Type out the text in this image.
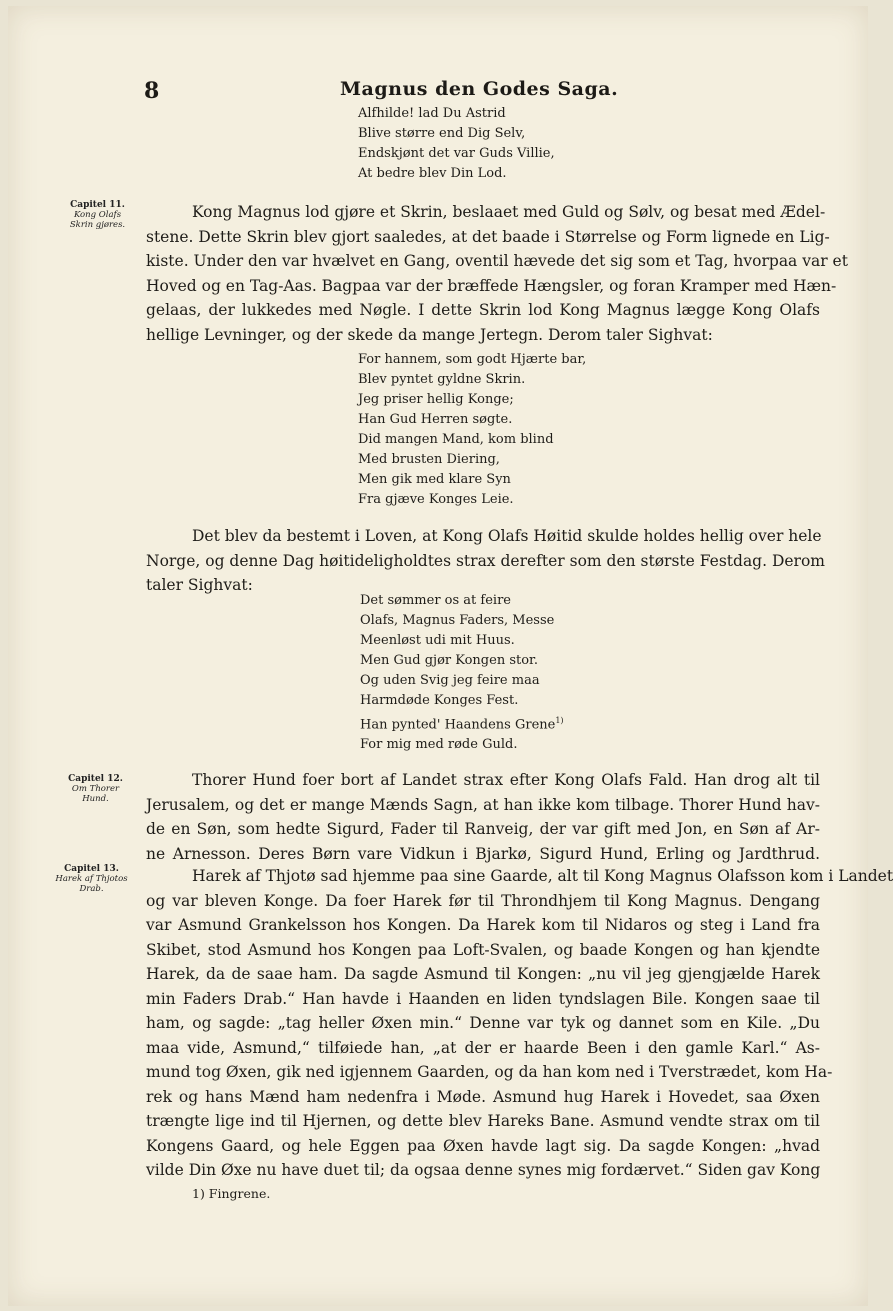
8	Magnus den Godes Saga.
Alfhilde! lad Du Astrid
Blive større end Dig Selv,
Endskjønt det var Guds Villie,
At bedre blev Din Lod.
Capitel 11.
Kong Olafs
Skrin gjøres.
Kong Magnus lod gjøre et Skrin, beslaaet med Guld og Sølv, og besat med Ædel-
stene. Dette Skrin blev gjort saaledes, at det baade i Størrelse og Form lignede en Lig-
kiste. Under den var hvælvet en Gang, oventil hævede det sig som et Tag, hvorpaa var et
Hoved og en Tag-Aas. Bagpaa var der bræffede Hængsler, og foran Kramper med Hæn-
gelaas, der lukkedes med Nøgle. I dette Skrin lod Kong Magnus lægge Kong Olafs
hellige Levninger, og der skede da mange Jertegn. Derom taler Sighvat:
For hannem, som godt Hjærte bar,
Blev pyntet gyldne Skrin.
Jeg priser hellig Konge;
Han Gud Herren søgte.
Did mangen Mand, kom blind
Med brusten Diering,
Men gik med klare Syn
Fra gjæve Konges Leie.
Det blev da bestemt i Loven, at Kong Olafs Høitid skulde holdes hellig over hele
Norge, og denne Dag høitideligholdtes strax derefter som den største Festdag. Derom
taler Sighvat:
Det sømmer os at feire
Olafs, Magnus Faders, Messe
Meenløst udi mit Huus.
Men Gud gjør Kongen stor.
Og uden Svig jeg feire maa
Harmdøde Konges Fest.
Han pynted' Haandens Grene$^{1)}$
For mig med røde Guld.
Capitel 12.
Om Thorer
Hund.
Thorer Hund foer bort af Landet strax efter Kong Olafs Fald. Han drog alt til
Jerusalem, og det er mange Mænds Sagn, at han ikke kom tilbage. Thorer Hund hav-
de en Søn, som hedte Sigurd, Fader til Ranveig, der var gift med Jon, en Søn af Ar-
ne Arnesson. Deres Børn vare Vidkun i Bjarkø, Sigurd Hund, Erling og Jardthrud.
Capitel 13.
Harek af Thjotos
Drab.
Harek af Thjotø sad hjemme paa sine Gaarde, alt til Kong Magnus Olafsson kom i Landet
og var bleven Konge. Da foer Harek før til Throndhjem til Kong Magnus. Dengang
var Asmund Grankelsson hos Kongen. Da Harek kom til Nidaros og steg i Land fra
Skibet, stod Asmund hos Kongen paa Loft-Svalen, og baade Kongen og han kjendte
Harek, da de saae ham. Da sagde Asmund til Kongen: „nu vil jeg gjengjælde Harek
min Faders Drab.“ Han havde i Haanden en liden tyndslagen Bile. Kongen saae til
ham, og sagde: „tag heller Øxen min.“ Denne var tyk og dannet som en Kile. „Du
maa vide, Asmund,“ tilføiede han, „at der er haarde Been i den gamle Karl.“ As-
mund tog Øxen, gik ned igjennem Gaarden, og da han kom ned i Tverstrædet, kom Ha-
rek og hans Mænd ham nedenfra i Møde. Asmund hug Harek i Hovedet, saa Øxen
trængte lige ind til Hjernen, og dette blev Hareks Bane. Asmund vendte strax om til
Kongens Gaard, og hele Eggen paa Øxen havde lagt sig. Da sagde Kongen: „hvad
vilde Din Øxe nu have duet til; da ogsaa denne synes mig fordærvet.“ Siden gav Kong
1) Fingrene.
